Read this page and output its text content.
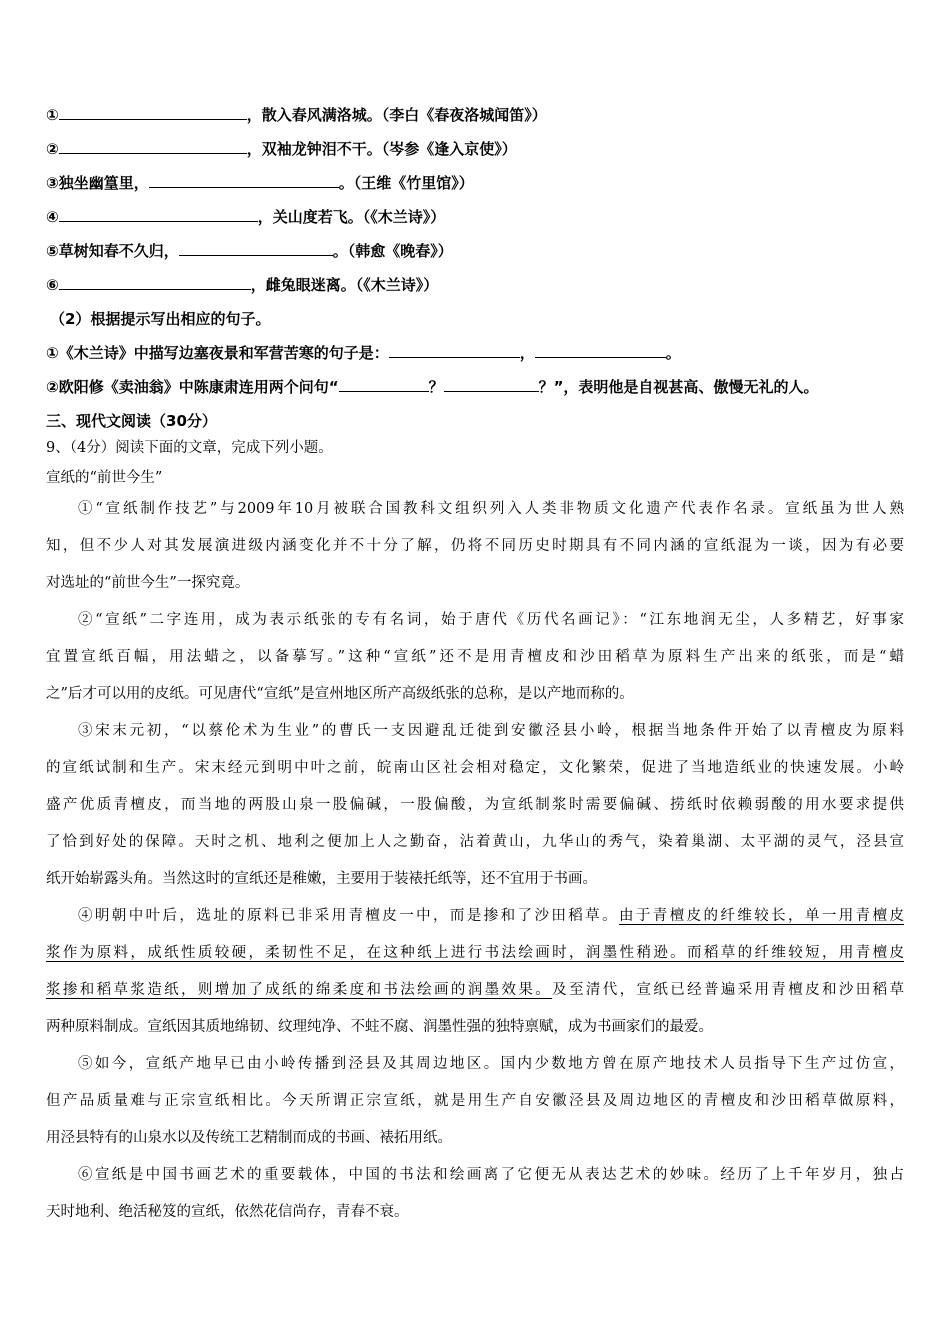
①	，散入春风满洛城。（李白《春夜洛城闻笛》）
②	，双袖龙钟泪不干。（岑参《逢入京使》）
③独坐幽篁里，	。（王维《竹里馆》）
④	，关山度若飞。（《木兰诗》）
⑤草树知春不久归，	。（韩愈《晚春》）
⑥	，雌兔眼迷离。（《木兰诗》）
（2）根据提示写出相应的句子。
①《木兰诗》中描写边塞夜景和军营苦寒的句子是：	，	。
②欧阳修《卖油翁》中陈康肃连用两个问句“	？	？”，表明他是自视甚高、傲慢无礼的人。
三、现代文阅读（30分）
9、（4分）阅读下面的文章，完成下列小题。
宣纸的“前世今生”
①“宣纸制作技艺”与2009年10月被联合国教科文组织列入人类非物质文化遗产代表作名录。宣纸虽为世人熟
知，但不少人对其发展演进级内涵变化并不十分了解，仍将不同历史时期具有不同内涵的宣纸混为一谈，因为有必要
对选址的“前世今生”一探究竟。
②“宣纸”二字连用，成为表示纸张的专有名词，始于唐代《历代名画记》：“江东地润无尘，人多精艺，好事家
宜置宣纸百幅，用法蜡之，以备摹写。”这种“宣纸”还不是用青檀皮和沙田稻草为原料生产出来的纸张，而是“蜡
之”后才可以用的皮纸。可见唐代“宣纸”是宣州地区所产高级纸张的总称，是以产地而称的。
③宋末元初，“以蔡伦术为生业”的曹氏一支因避乱迁徙到安徽泾县小岭，根据当地条件开始了以青檀皮为原料
的宣纸试制和生产。宋末经元到明中叶之前，皖南山区社会相对稳定，文化繁荣，促进了当地造纸业的快速发展。小岭
盛产优质青檀皮，而当地的两股山泉一股偏碱，一股偏酸，为宣纸制浆时需要偏碱、捞纸时依赖弱酸的用水要求提供
了恰到好处的保障。天时之机、地利之便加上人之勤奋，沾着黄山，九华山的秀气，染着巢湖、太平湖的灵气，泾县宣
纸开始崭露头角。当然这时的宣纸还是稚嫩，主要用于装裱托纸等，还不宜用于书画。
④明朝中叶后，选址的原料已非采用青檀皮一中，而是掺和了沙田稻草。由于青檀皮的纤维较长，单一用青檀皮
浆作为原料，成纸性质较硬，柔韧性不足，在这种纸上进行书法绘画时，润墨性稍逊。而稻草的纤维较短，用青檀皮
浆掺和稻草浆造纸，则增加了成纸的绵柔度和书法绘画的润墨效果。及至清代，宣纸已经普遍采用青檀皮和沙田稻草
两种原料制成。宣纸因其质地绵韧、纹理纯净、不蛀不腐、润墨性强的独特禀赋，成为书画家们的最爱。
⑤如今，宣纸产地早已由小岭传播到泾县及其周边地区。国内少数地方曾在原产地技术人员指导下生产过仿宣，
但产品质量难与正宗宣纸相比。今天所谓正宗宣纸，就是用生产自安徽泾县及周边地区的青檀皮和沙田稻草做原料，
用泾县特有的山泉水以及传统工艺精制而成的书画、裱拓用纸。
⑥宣纸是中国书画艺术的重要载体，中国的书法和绘画离了它便无从表达艺术的妙味。经历了上千年岁月，独占
天时地利、绝活秘笈的宣纸，依然花信尚存，青春不衰。
